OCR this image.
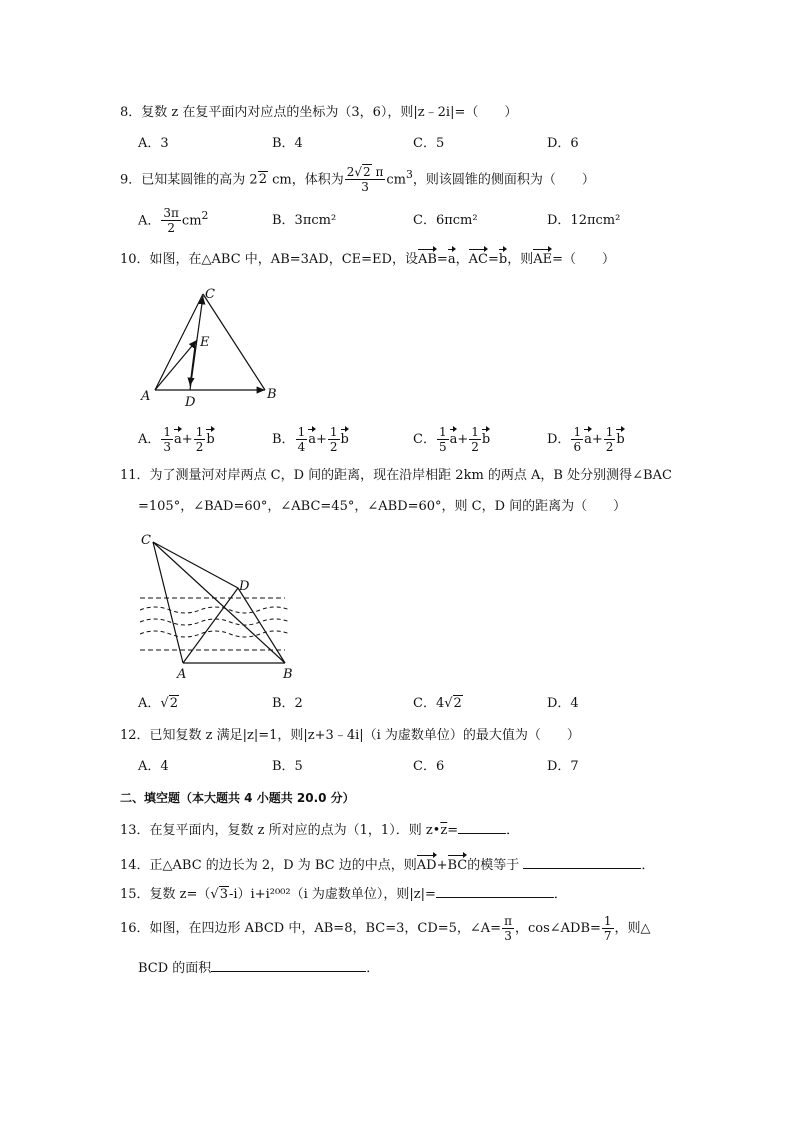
8．复数 z 在复平面内对应点的坐标为（3，6），则|z﹣2i|=（　　）
A．3	B．4	C．5	D．6
9．已知某圆锥的高为 22 cm，体积为 $\frac{2√2 \pi}{3} cm^3$，则该圆锥的侧面积为（　　）
A． $\frac{3\pi}{2} cm^2$	B．3πcm²	C．6πcm²	D．12πcm²
10．如图，在△ABC 中，AB=3AD，CE=ED，设AB=a，AC=b，则AE=（　　）
C
E
A	D
B
A． $\frac{1}{3} a+ \frac{1}{2}$ b	B． $\frac{1}{4} a+ \frac{1}{2}$ b	C． $\frac{1}{5} a+ \frac{1}{2}$ b	D． $\frac{1}{6} a+ \frac{1}{2}$ b
11．为了测量河对岸两点 C，D 间的距离，现在沿岸相距 2km 的两点 A，B 处分别测得∠BAC
=105°，∠BAD=60°，∠ABC=45°，∠ABD=60°，则 C，D 间的距离为（　　）
C
D
A	B
A．√2	B．2	C．4√2	D．4
12．已知复数 z 满足|z|=1，则|z+3﹣4i|（i 为虚数单位）的最大值为（　　）
A．4	B．5	C．6	D．7
二、填空题（本大题共 4 小题共 20.0 分）
13．在复平面内，复数 z 所对应的点为（1，1）．则 $z•\overline{z}=$	．
14．正△ABC 的边长为 2，D 为 BC 边的中点，则AD+BC的模等于	．
15．复数 z=（√3-i）i+i²⁰⁰²（i 为虚数单位），则|z|=	．
16．如图，在四边形 ABCD 中，AB=8，BC=3，CD=5，∠A= $\frac{\pi}{3}$ ，cos∠ADB= $\frac{1}{7}$ ，则△
BCD 的面积	．
